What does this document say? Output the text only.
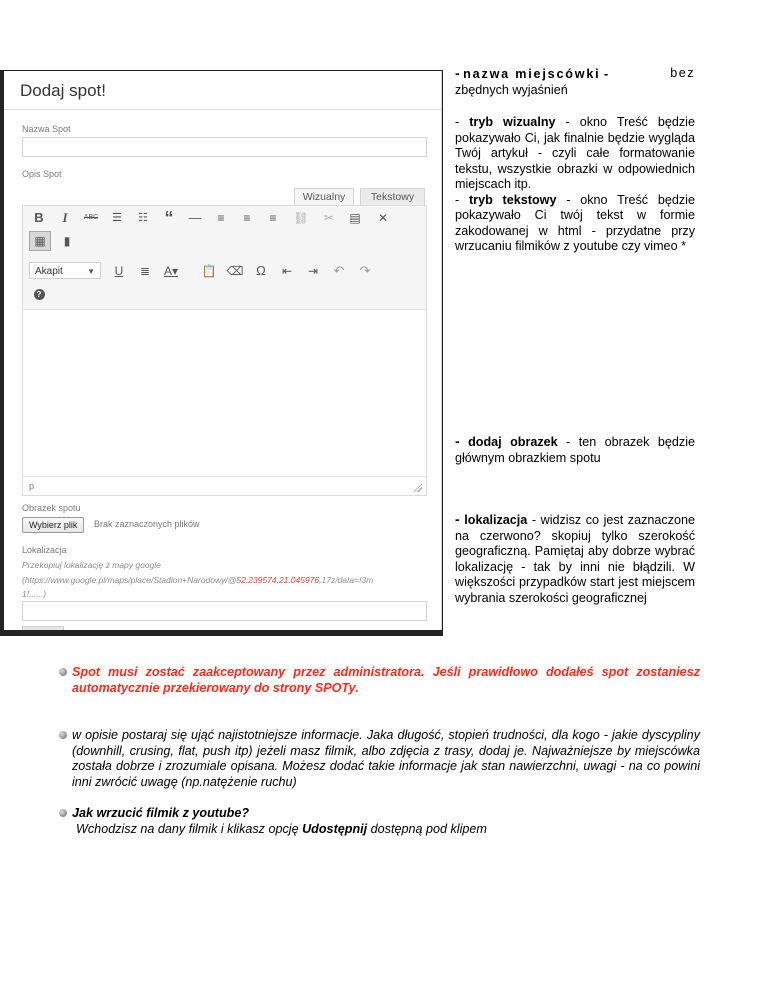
Dodaj spot!
Nazwa Spot
Opis Spot
Wizualny	Tekstowy
B	I	ABC	☰	☷ “	—	≡	≡	≡	⛓	✂	▤	✕
▦	▮
Akapit	▼	U	≣	A▾ 📋 ⌫ Ω	⇤	⇥	↶	↷
?
p
Obrazek spotu
Wybierz plik	Brak zaznaczonych plików
Lokalizacja
Przekopiuj lokalizację z mapy google
(https://www.google.pl/maps/place/Stadion+Narodowy/@52.239574,21.045976,17z/data=!3m
1!......)

- nazwa miejscówki -	bez

zbędnych wyjaśnień

- tryb wizualny - okno Treść będzie pokazywało Ci, jak finalnie będzie wygląda Twój artykuł - czyli całe formatowanie tekstu, wszystkie obrazki w odpowiednich miejscach itp.

- tryb tekstowy - okno Treść będzie pokazywało Ci twój tekst w formie zakodowanej w html - przydatne przy wrzucaniu filmików z youtube czy vimeo *

- dodaj obrazek - ten obrazek będzie głównym obrazkiem spotu

- lokalizacja - widzisz co jest zaznaczone na czerwono? skopiuj tylko szerokość geograficzną. Pamiętaj aby dobrze wybrać lokalizację - tak by inni nie błądzili. W większości przypadków start jest miejscem wybrania szerokości geograficznej

Spot musi zostać zaakceptowany przez administratora. Jeśli prawidłowo dodałeś spot zostaniesz automatycznie przekierowany do strony SPOTy.

w opisie postaraj się ująć najistotniejsze informacje. Jaka długość, stopień trudności, dla kogo - jakie dyscypliny (downhill, crusing, flat, push itp) jeżeli masz filmik, albo zdjęcia z trasy, dodaj je. Najważniejsze by miejscówka została dobrze i zrozumiale opisana. Możesz dodać takie informacje jak stan nawierzchni, uwagi - na co powini inni zwrócić uwagę (np.natężenie ruchu)

Jak wrzucić filmik z youtube?

Wchodzisz na dany filmik i klikasz opcję Udostępnij dostępną pod klipem
